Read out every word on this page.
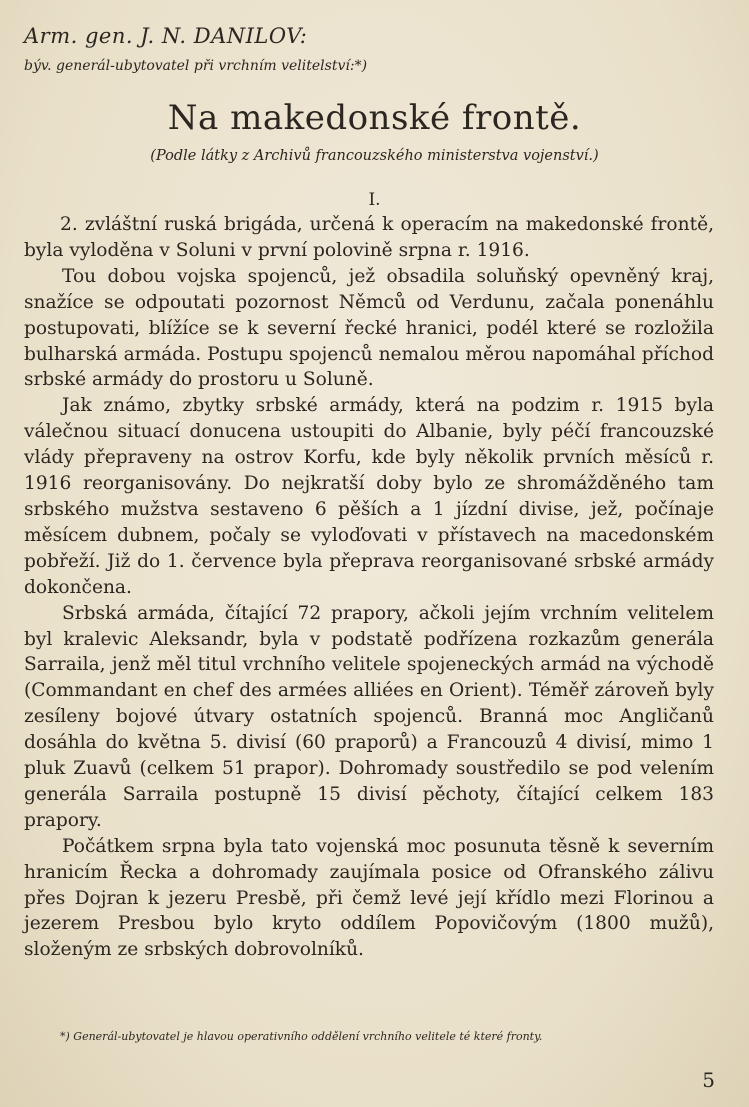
Arm. gen. J. N. DANILOV:
býv. generál-ubytovatel při vrchním velitelství:*)
Na makedonské frontě.
(Podle látky z Archivů francouzského ministerstva vojenství.)
I.

2. zvláštní ruská brigáda, určená k operacím na makedonské frontě, byla vyloděna v Soluni v první polovině srpna r. 1916.

Tou dobou vojska spojenců, jež obsadila soluňský opevněný kraj, snažíce se odpoutati pozornost Němců od Verdunu, začala ponenáhlu postupovati, blížíce se k severní řecké hranici, podél které se rozložila bulharská armáda. Postupu spojenců nemalou měrou napomáhal příchod srbské armády do prostoru u Soluně.

Jak známo, zbytky srbské armády, která na podzim r. 1915 byla válečnou situací donucena ustoupiti do Albanie, byly péčí francouzské vlády přepraveny na ostrov Korfu, kde byly několik prvních měsíců r. 1916 reorganisovány. Do nejkratší doby bylo ze shromážděného tam srbského mužstva sestaveno 6 pěších a 1 jízdní divise, jež, počínaje měsícem dubnem, počaly se vyloďovati v přístavech na macedonském pobřeží. Již do 1. července byla přeprava reorganisované srbské armády dokončena.

Srbská armáda, čítající 72 prapory, ačkoli jejím vrchním velitelem byl kralevic Aleksandr, byla v podstatě podřízena rozkazům generála Sarraila, jenž měl titul vrchního velitele spojeneckých armád na východě (Commandant en chef des armées alliées en Orient). Téměř zároveň byly zesíleny bojové útvary ostatních spojenců. Branná moc Angličanů dosáhla do května 5. divisí (60 praporů) a Francouzů 4 divisí, mimo 1 pluk Zuavů (celkem 51 prapor). Dohromady soustředilo se pod velením generála Sarraila postupně 15 divisí pěchoty, čítající celkem 183 prapory.

Počátkem srpna byla tato vojenská moc posunuta těsně k severním hranicím Řecka a dohromady zaujímala posice od Ofranského zálivu přes Dojran k jezeru Presbě, při čemž levé její křídlo mezi Florinou a jezerem Presbou bylo kryto oddílem Popovičovým (1800 mužů), složeným ze srbských dobrovolníků.

*) Generál-ubytovatel je hlavou operativního oddělení vrchního velitele té které fronty.
5
